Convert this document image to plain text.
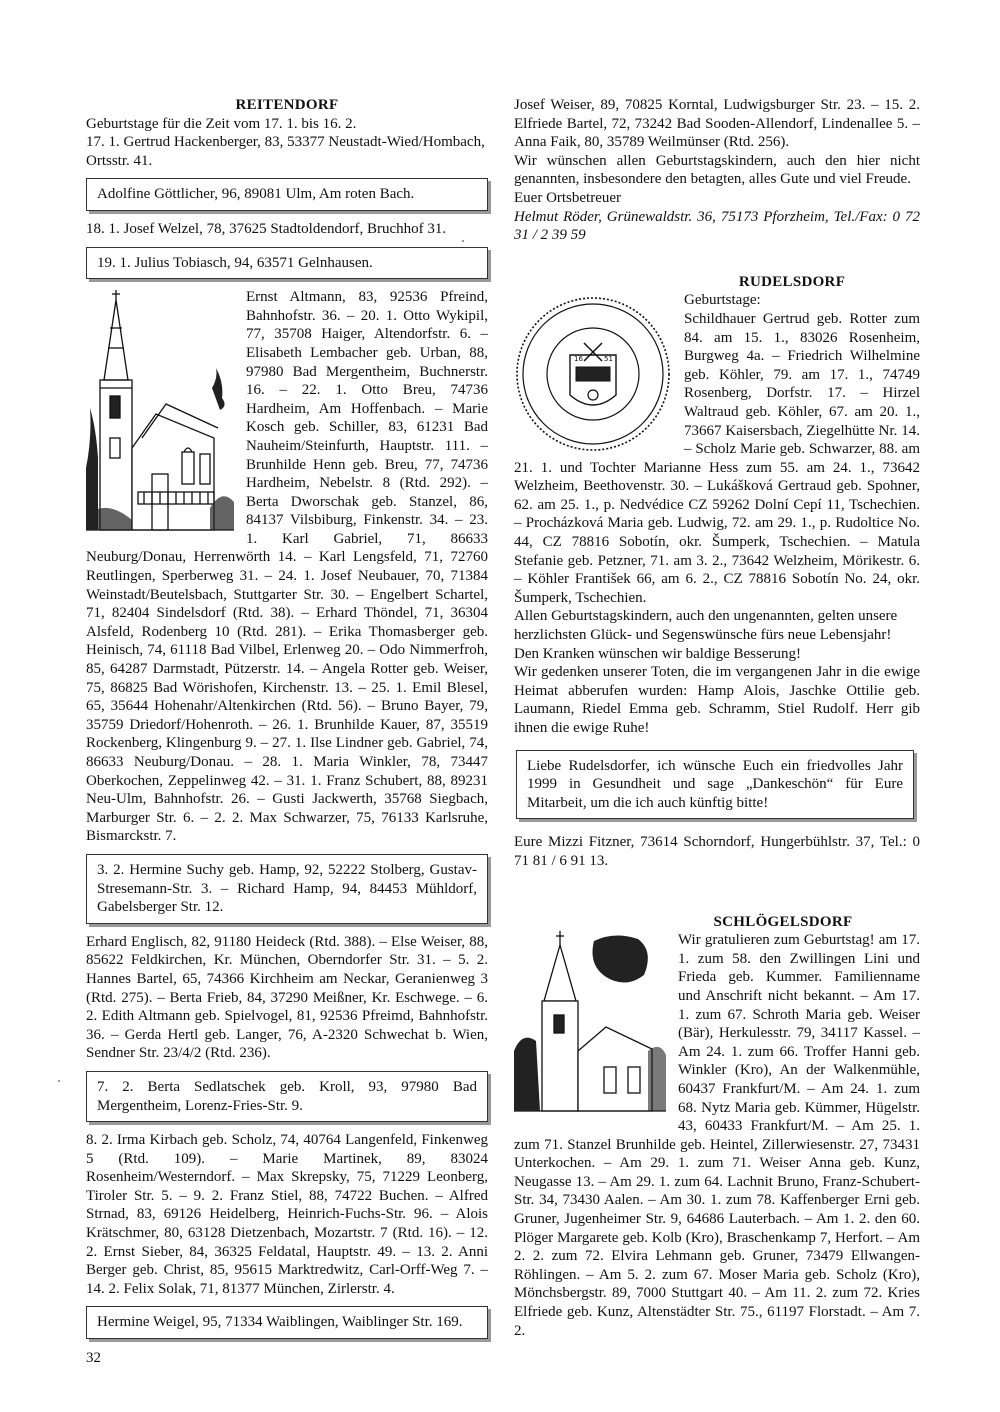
REITENDORF

Geburtstage für die Zeit vom 17. 1. bis 16. 2.

17. 1. Gertrud Hackenberger, 83, 53377 Neustadt-Wied/Hombach, Ortsstr. 41.

Adolfine Göttlicher, 96, 89081 Ulm, Am roten Bach.

18. 1. Josef Welzel, 78, 37625 Stadtoldendorf, Bruchhof 31.

19. 1. Julius Tobiasch, 94, 63571 Gelnhausen.

Ernst Altmann, 83, 92536 Pfreind, Bahnhofstr. 36. – 20. 1. Otto Wykipil, 77, 35708 Haiger, Altendorfstr. 6. – Elisabeth Lembacher geb. Urban, 88, 97980 Bad Mergentheim, Buchnerstr. 16. – 22. 1. Otto Breu, 74736 Hardheim, Am Hoffenbach. – Marie Kosch geb. Schiller, 83, 61231 Bad Nauheim/Steinfurth, Hauptstr. 111. – Brunhilde Henn geb. Breu, 77, 74736 Hardheim, Nebelstr. 8 (Rtd. 292). – Berta Dworschak geb. Stanzel, 86, 84137 Vilsbiburg, Finkenstr. 34. – 23. 1. Karl Gabriel, 71, 86633 Neuburg/Donau, Herrenwörth 14. – Karl Lengsfeld, 71, 72760 Reutlingen, Sperberweg 31. – 24. 1. Josef Neubauer, 70, 71384 Weinstadt/Beutelsbach, Stuttgarter Str. 30. – Engelbert Schartel, 71, 82404 Sindelsdorf (Rtd. 38). – Erhard Thöndel, 71, 36304 Alsfeld, Rodenberg 10 (Rtd. 281). – Erika Thomasberger geb. Heinisch, 74, 61118 Bad Vilbel, Erlenweg 20. – Odo Nimmerfroh, 85, 64287 Darmstadt, Pützerstr. 14. – Angela Rotter geb. Weiser, 75, 86825 Bad Wörishofen, Kirchenstr. 13. – 25. 1. Emil Blesel, 65, 35644 Hohenahr/Altenkirchen (Rtd. 56). – Bruno Bayer, 79, 35759 Driedorf/Hohenroth. – 26. 1. Brunhilde Kauer, 87, 35519 Rockenberg, Klingenburg 9. – 27. 1. Ilse Lindner geb. Gabriel, 74, 86633 Neuburg/Donau. – 28. 1. Maria Winkler, 78, 73447 Oberkochen, Zeppelinweg 42. – 31. 1. Franz Schubert, 88, 89231 Neu-Ulm, Bahnhofstr. 26. – Gusti Jackwerth, 35768 Siegbach, Marburger Str. 6. – 2. 2. Max Schwarzer, 75, 76133 Karlsruhe, Bismarckstr. 7.

3. 2. Hermine Suchy geb. Hamp, 92, 52222 Stolberg, Gustav-Stresemann-Str. 3. – Richard Hamp, 94, 84453 Mühldorf, Gabelsberger Str. 12.

Erhard Englisch, 82, 91180 Heideck (Rtd. 388). – Else Weiser, 88, 85622 Feldkirchen, Kr. München, Oberndorfer Str. 31. – 5. 2. Hannes Bartel, 65, 74366 Kirchheim am Neckar, Geranienweg 3 (Rtd. 275). – Berta Frieb, 84, 37290 Meißner, Kr. Eschwege. – 6. 2. Edith Altmann geb. Spielvogel, 81, 92536 Pfreimd, Bahnhofstr. 36. – Gerda Hertl geb. Langer, 76, A-2320 Schwechat b. Wien, Sendner Str. 23/4/2 (Rtd. 236).

7. 2. Berta Sedlatschek geb. Kroll, 93, 97980 Bad Mergentheim, Lorenz-Fries-Str. 9.

8. 2. Irma Kirbach geb. Scholz, 74, 40764 Langenfeld, Finkenweg 5 (Rtd. 109). – Marie Martinek, 89, 83024 Rosenheim/Westerndorf. – Max Skrepsky, 75, 71229 Leonberg, Tiroler Str. 5. – 9. 2. Franz Stiel, 88, 74722 Buchen. – Alfred Strnad, 83, 69126 Heidelberg, Heinrich-Fuchs-Str. 96. – Alois Krätschmer, 80, 63128 Dietzenbach, Mozartstr. 7 (Rtd. 16). – 12. 2. Ernst Sieber, 84, 36325 Feldatal, Hauptstr. 49. – 13. 2. Anni Berger geb. Christ, 85, 95615 Marktredwitz, Carl-Orff-Weg 7. – 14. 2. Felix Solak, 71, 81377 München, Zirlerstr. 4.

Hermine Weigel, 95, 71334 Waiblingen, Waiblinger Str. 169.

Josef Weiser, 89, 70825 Korntal, Ludwigsburger Str. 23. – 15. 2. Elfriede Bartel, 72, 73242 Bad Sooden-Allendorf, Lindenallee 5. – Anna Faik, 80, 35789 Weilmünser (Rtd. 256).

Wir wünschen allen Geburtstagskindern, auch den hier nicht genannten, insbesondere den betagten, alles Gute und viel Freude.

Euer Ortsbetreuer

Helmut Röder, Grünewaldstr. 36, 75173 Pforzheim, Tel./Fax: 0 72 31 / 2 39 59

RUDELSDORF

16	51

Geburtstage:

Schildhauer Gertrud geb. Rotter zum 84. am 15. 1., 83026 Rosenheim, Burgweg 4a. – Friedrich Wilhelmine geb. Köhler, 79. am 17. 1., 74749 Rosenberg, Dorfstr. 17. – Hirzel Waltraud geb. Köhler, 67. am 20. 1., 73667 Kaisersbach, Ziegelhütte Nr. 14. – Scholz Marie geb. Schwarzer, 88. am 21. 1. und Tochter Marianne Hess zum 55. am 24. 1., 73642 Welzheim, Beethovenstr. 30. – Lukášková Gertraud geb. Spohner, 62. am 25. 1., p. Nedvédice CZ 59262 Dolní Cepí 11, Tschechien. – Procházková Maria geb. Ludwig, 72. am 29. 1., p. Rudoltice No. 44, CZ 78816 Sobotín, okr. Šumperk, Tschechien. – Matula Stefanie geb. Petzner, 71. am 3. 2., 73642 Welzheim, Mörikestr. 6. – Köhler František 66, am 6. 2., CZ 78816 Sobotín No. 24, okr. Šumperk, Tschechien.

Allen Geburtstagskindern, auch den ungenannten, gelten unsere herzlichsten Glück- und Segenswünsche fürs neue Lebensjahr! Den Kranken wünschen wir baldige Besserung!

Wir gedenken unserer Toten, die im vergangenen Jahr in die ewige Heimat abberufen wurden: Hamp Alois, Jaschke Ottilie geb. Laumann, Riedel Emma geb. Schramm, Stiel Rudolf. Herr gib ihnen die ewige Ruhe!

Liebe Rudelsdorfer, ich wünsche Euch ein friedvolles Jahr 1999 in Gesundheit und sage „Dankeschön“ für Eure Mitarbeit, um die ich auch künftig bitte!

Eure Mizzi Fitzner, 73614 Schorndorf, Hungerbühlstr. 37, Tel.: 0 71 81 / 6 91 13.

SCHLÖGELSDORF

Wir gratulieren zum Geburtstag! am 17. 1. zum 58. den Zwillingen Lini und Frieda geb. Kummer. Familienname und Anschrift nicht bekannt. – Am 17. 1. zum 67. Schroth Maria geb. Weiser (Bär), Herkulesstr. 79, 34117 Kassel. – Am 24. 1. zum 66. Troffer Hanni geb. Winkler (Kro), An der Walkenmühle, 60437 Frankfurt/M. – Am 24. 1. zum 68. Nytz Maria geb. Kümmer, Hügelstr. 43, 60433 Frankfurt/M. – Am 25. 1. zum 71. Stanzel Brunhilde geb. Heintel, Zillerwiesenstr. 27, 73431 Unterkochen. – Am 29. 1. zum 71. Weiser Anna geb. Kunz, Neugasse 13. – Am 29. 1. zum 64. Lachnit Bruno, Franz-Schubert-Str. 34, 73430 Aalen. – Am 30. 1. zum 78. Kaffenberger Erni geb. Gruner, Jugenheimer Str. 9, 64686 Lauterbach. – Am 1. 2. den 60. Plöger Margarete geb. Kolb (Kro), Braschenkamp 7, Herfort. – Am 2. 2. zum 72. Elvira Lehmann geb. Gruner, 73479 Ellwangen-Röhlingen. – Am 5. 2. zum 67. Moser Maria geb. Scholz (Kro), Mönchsbergstr. 89, 7000 Stuttgart 40. – Am 11. 2. zum 72. Kries Elfriede geb. Kunz, Altenstädter Str. 75., 61197 Florstadt. – Am 7. 2.

32
